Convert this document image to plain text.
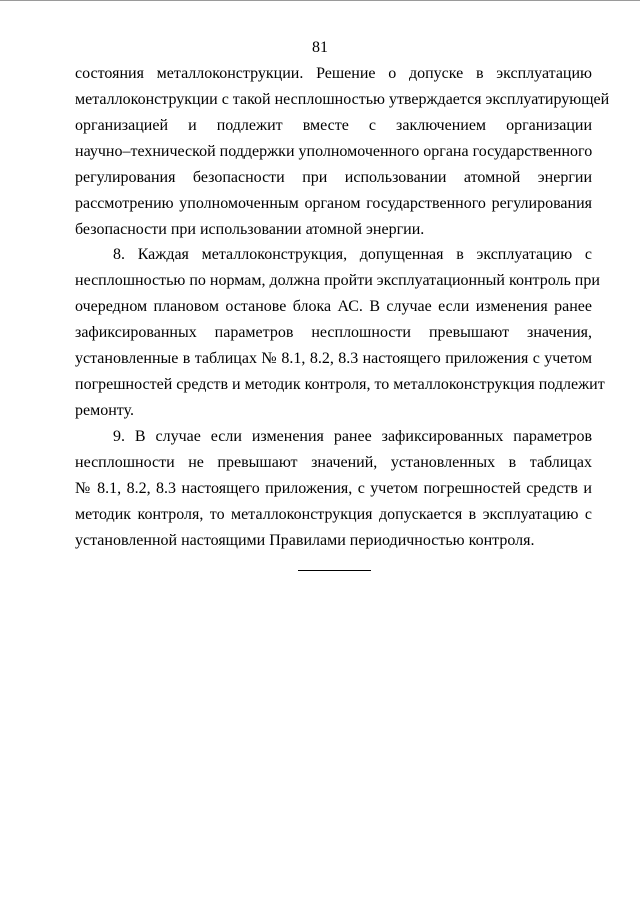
81
состояния металлоконструкции. Решение о допуске в эксплуатацию
металлоконструкции с такой несплошностью утверждается эксплуатирующей
организацией и подлежит вместе с заключением организации
научно–технической поддержки уполномоченного органа государственного
регулирования безопасности при использовании атомной энергии
рассмотрению уполномоченным органом государственного регулирования
безопасности при использовании атомной энергии.
8. Каждая металлоконструкция, допущенная в эксплуатацию с
несплошностью по нормам, должна пройти эксплуатационный контроль при
очередном плановом останове блока АС. В случае если изменения ранее
зафиксированных параметров несплошности превышают значения,
установленные в таблицах № 8.1, 8.2, 8.3 настоящего приложения с учетом
погрешностей средств и методик контроля, то металлоконструкция подлежит
ремонту.
9. В случае если изменения ранее зафиксированных параметров
несплошности не превышают значений, установленных в таблицах
№ 8.1, 8.2, 8.3 настоящего приложения, с учетом погрешностей средств и
методик контроля, то металлоконструкция допускается в эксплуатацию с
установленной настоящими Правилами периодичностью контроля.
